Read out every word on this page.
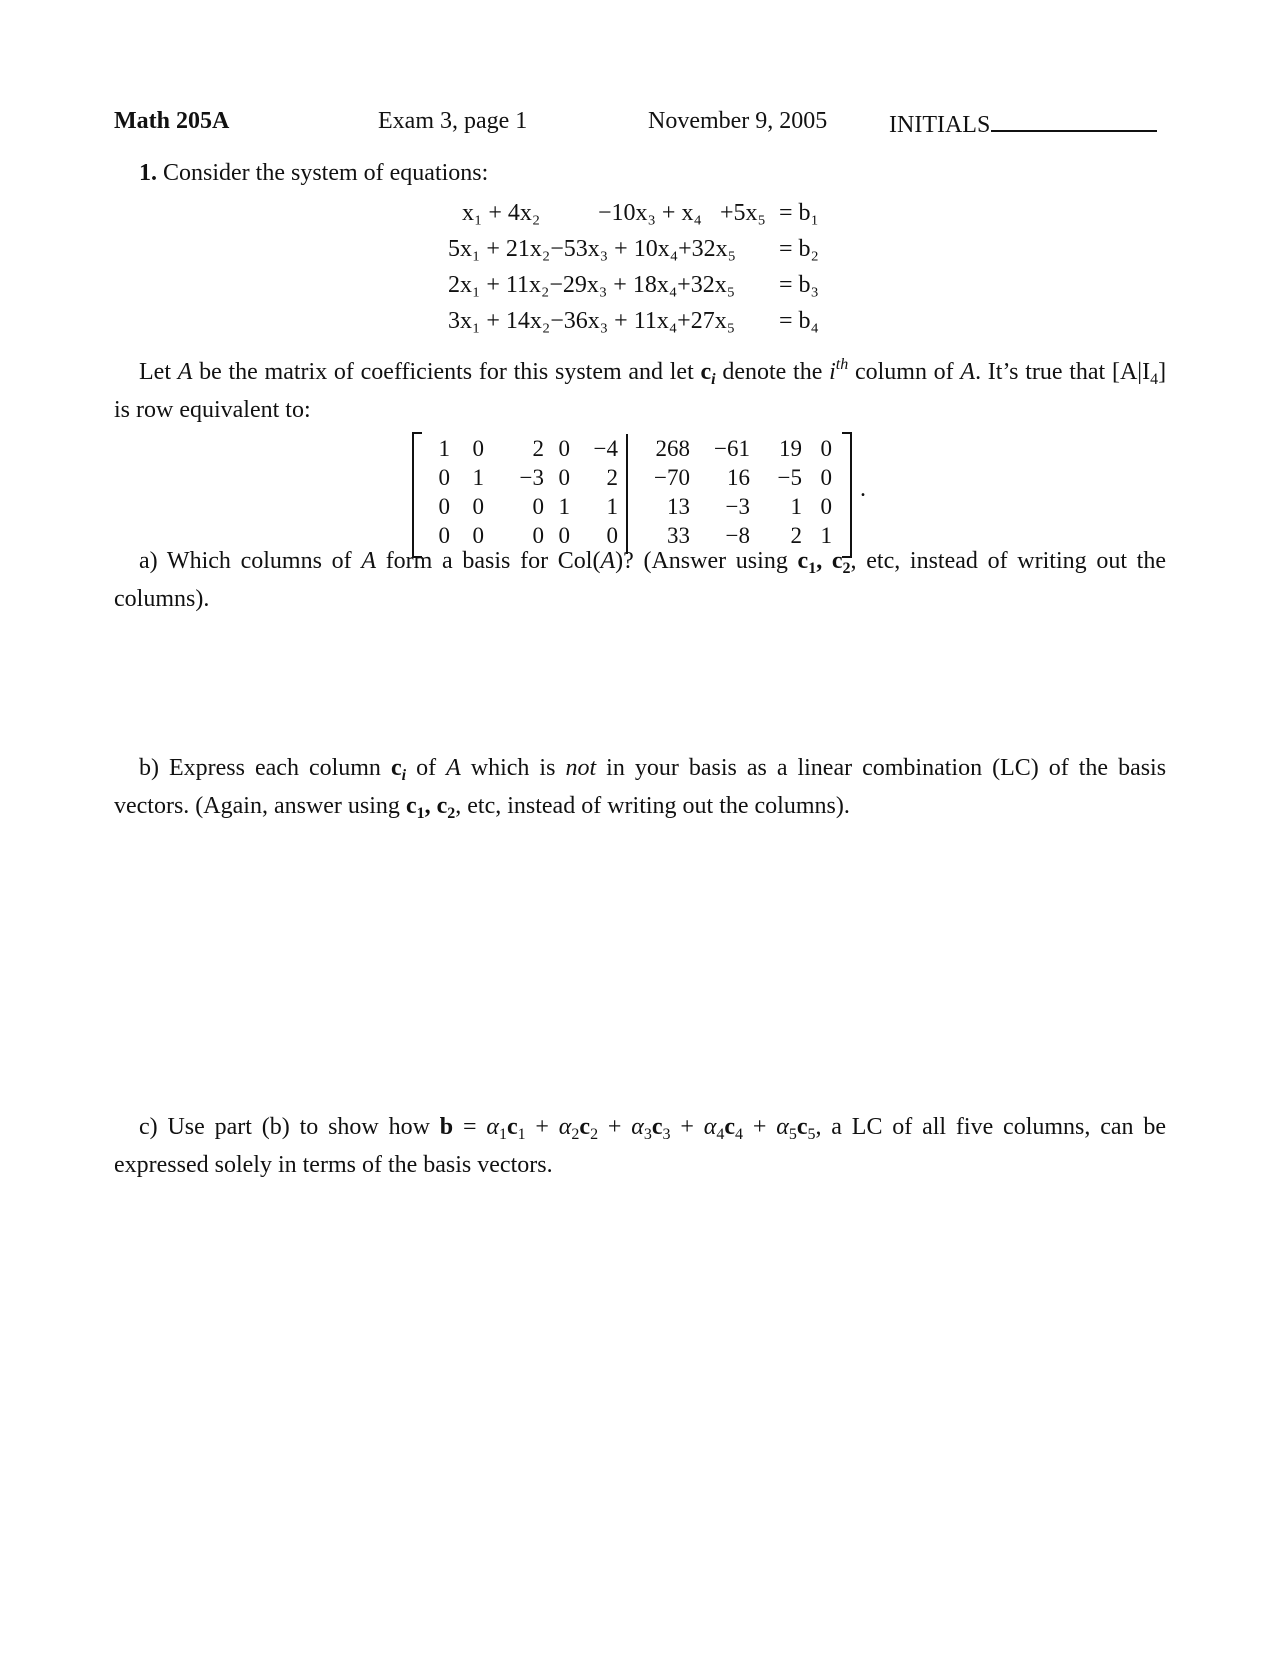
Math 205A	Exam 3, page 1	November 9, 2005	INITIALS
1. Consider the system of equations:
x₁ + 4x₂ −10x₃ + x₄ +5x₅ = b₁
5x₁ + 21x₂−53x₃ + 10x₄+32x₅ = b₂
2x₁ + 11x₂−29x₃ + 18x₄+32x₅ = b₃
3x₁ + 14x₂−36x₃ + 11x₄+27x₅ = b₄
Let A be the matrix of coefficients for this system and let $c_i$ denote the $i^{th}$ column of A. It’s true that $[A|I_4]$ is row equivalent to:
1 0 2 0 −4 268 −61 19 0
0 1 −3 0 2 −70 16 −5 0
0 0 0 1 1 13 −3 1 0
0 0 0 0 0 33 −8 2 1
.
a) Which columns of A form a basis for Col(A)? (Answer using $c_1$, $c_2$, etc, instead of writing out the columns).
b) Express each column $c_i$ of A which is not in your basis as a linear combination (LC) of the basis vectors. (Again, answer using $c_1$, $c_2$, etc, instead of writing out the columns).
c) Use part (b) to show how $b = \alpha_1c_1 + \alpha_2c_2 + \alpha_3c_3 + \alpha_4c_4 + \alpha_5c_5$, a LC of all five columns, can be expressed solely in terms of the basis vectors.
